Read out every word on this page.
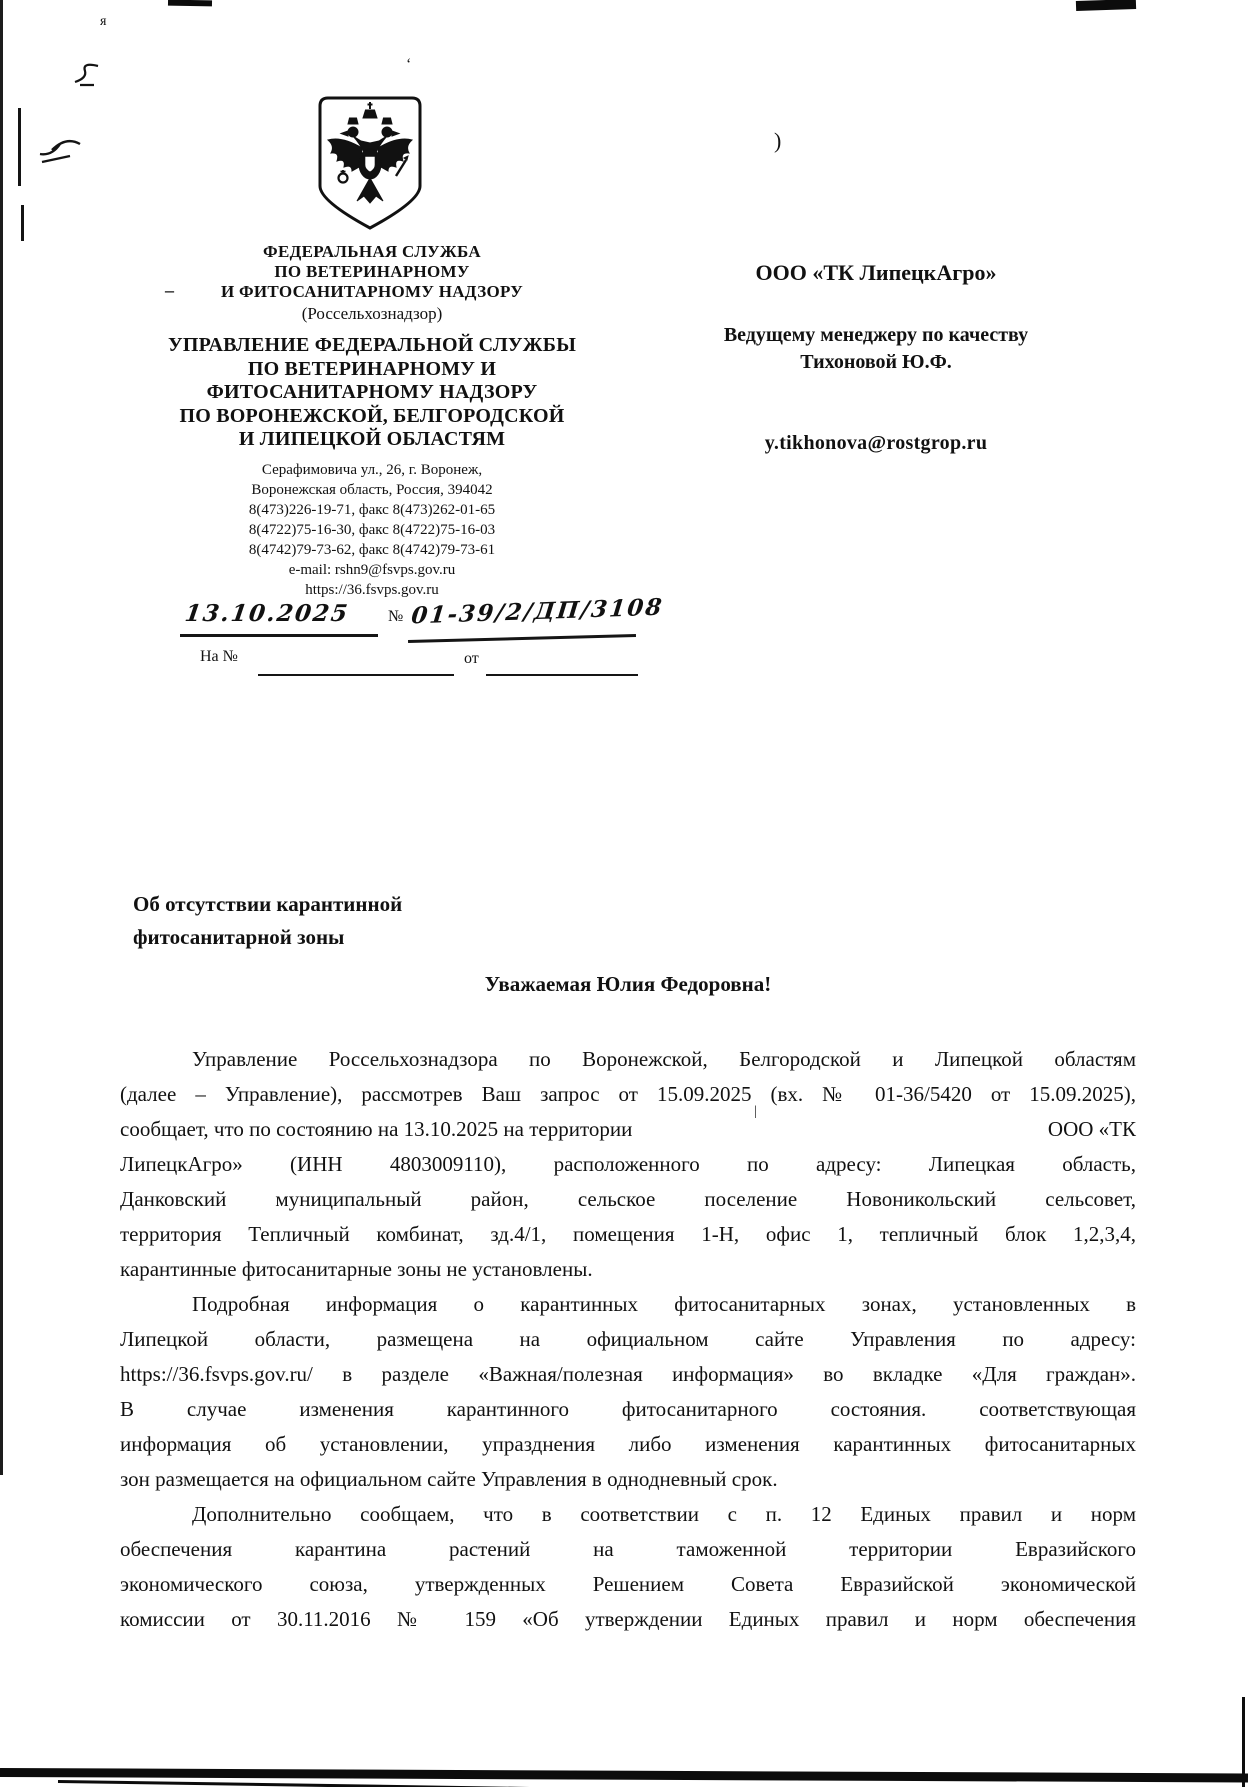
я
‘
)
–
|
ФЕДЕРАЛЬНАЯ СЛУЖБА
ПО ВЕТЕРИНАРНОМУ
И ФИТОСАНИТАРНОМУ НАДЗОРУ
(Россельхознадзор)
УПРАВЛЕНИЕ ФЕДЕРАЛЬНОЙ СЛУЖБЫ
ПО ВЕТЕРИНАРНОМУ И
ФИТОСАНИТАРНОМУ НАДЗОРУ
ПО ВОРОНЕЖСКОЙ, БЕЛГОРОДСКОЙ
И ЛИПЕЦКОЙ ОБЛАСТЯМ
Серафимовича ул., 26, г. Воронеж,
Воронежская область, Россия, 394042
8(473)226-19-71, факс 8(473)262-01-65
8(4722)75-16-30, факс 8(4722)75-16-03
8(4742)79-73-62, факс 8(4742)79-73-61
e-mail: rshn9@fsvps.gov.ru
https://36.fsvps.gov.ru
13.10.2025 № 01-39/2/ДП/3108
На №	от
ООО «ТК ЛипецкАгро»
Ведущему менеджеру по качеству
Тихоновой Ю.Ф.
y.tikhonova@rostgrop.ru
Об отсутствии карантинной
фитосанитарной зоны
Уважаемая Юлия Федоровна!
Управление Россельхознадзора по Воронежской, Белгородской и Липецкой областям
(далее – Управление), рассмотрев Ваш запрос от 15.09.2025 (вх. № 01-36/5420 от 15.09.2025),
сообщает, что по состоянию на 13.10.2025 на территории	ООО «ТК
ЛипецкАгро» (ИНН 4803009110), расположенного по адресу: Липецкая область,
Данковский муниципальный район, сельское поселение Новоникольский сельсовет,
территория Тепличный комбинат, зд.4/1, помещения 1-Н, офис 1, тепличный блок 1,2,3,4,
карантинные фитосанитарные зоны не установлены.
Подробная информация о карантинных фитосанитарных зонах, установленных в
Липецкой области, размещена на официальном сайте Управления по адресу:
https://36.fsvps.gov.ru/ в разделе «Важная/полезная информация» во вкладке «Для граждан».
В случае изменения карантинного фитосанитарного состояния. соответствующая
информация об установлении, упразднения либо изменения карантинных фитосанитарных
зон размещается на официальном сайте Управления в однодневный срок.
Дополнительно сообщаем, что в соответствии с п. 12 Единых правил и норм
обеспечения карантина растений на таможенной территории Евразийского
экономического союза, утвержденных Решением Совета Евразийской экономической
комиссии от 30.11.2016 № 159 «Об утверждении Единых правил и норм обеспечения
